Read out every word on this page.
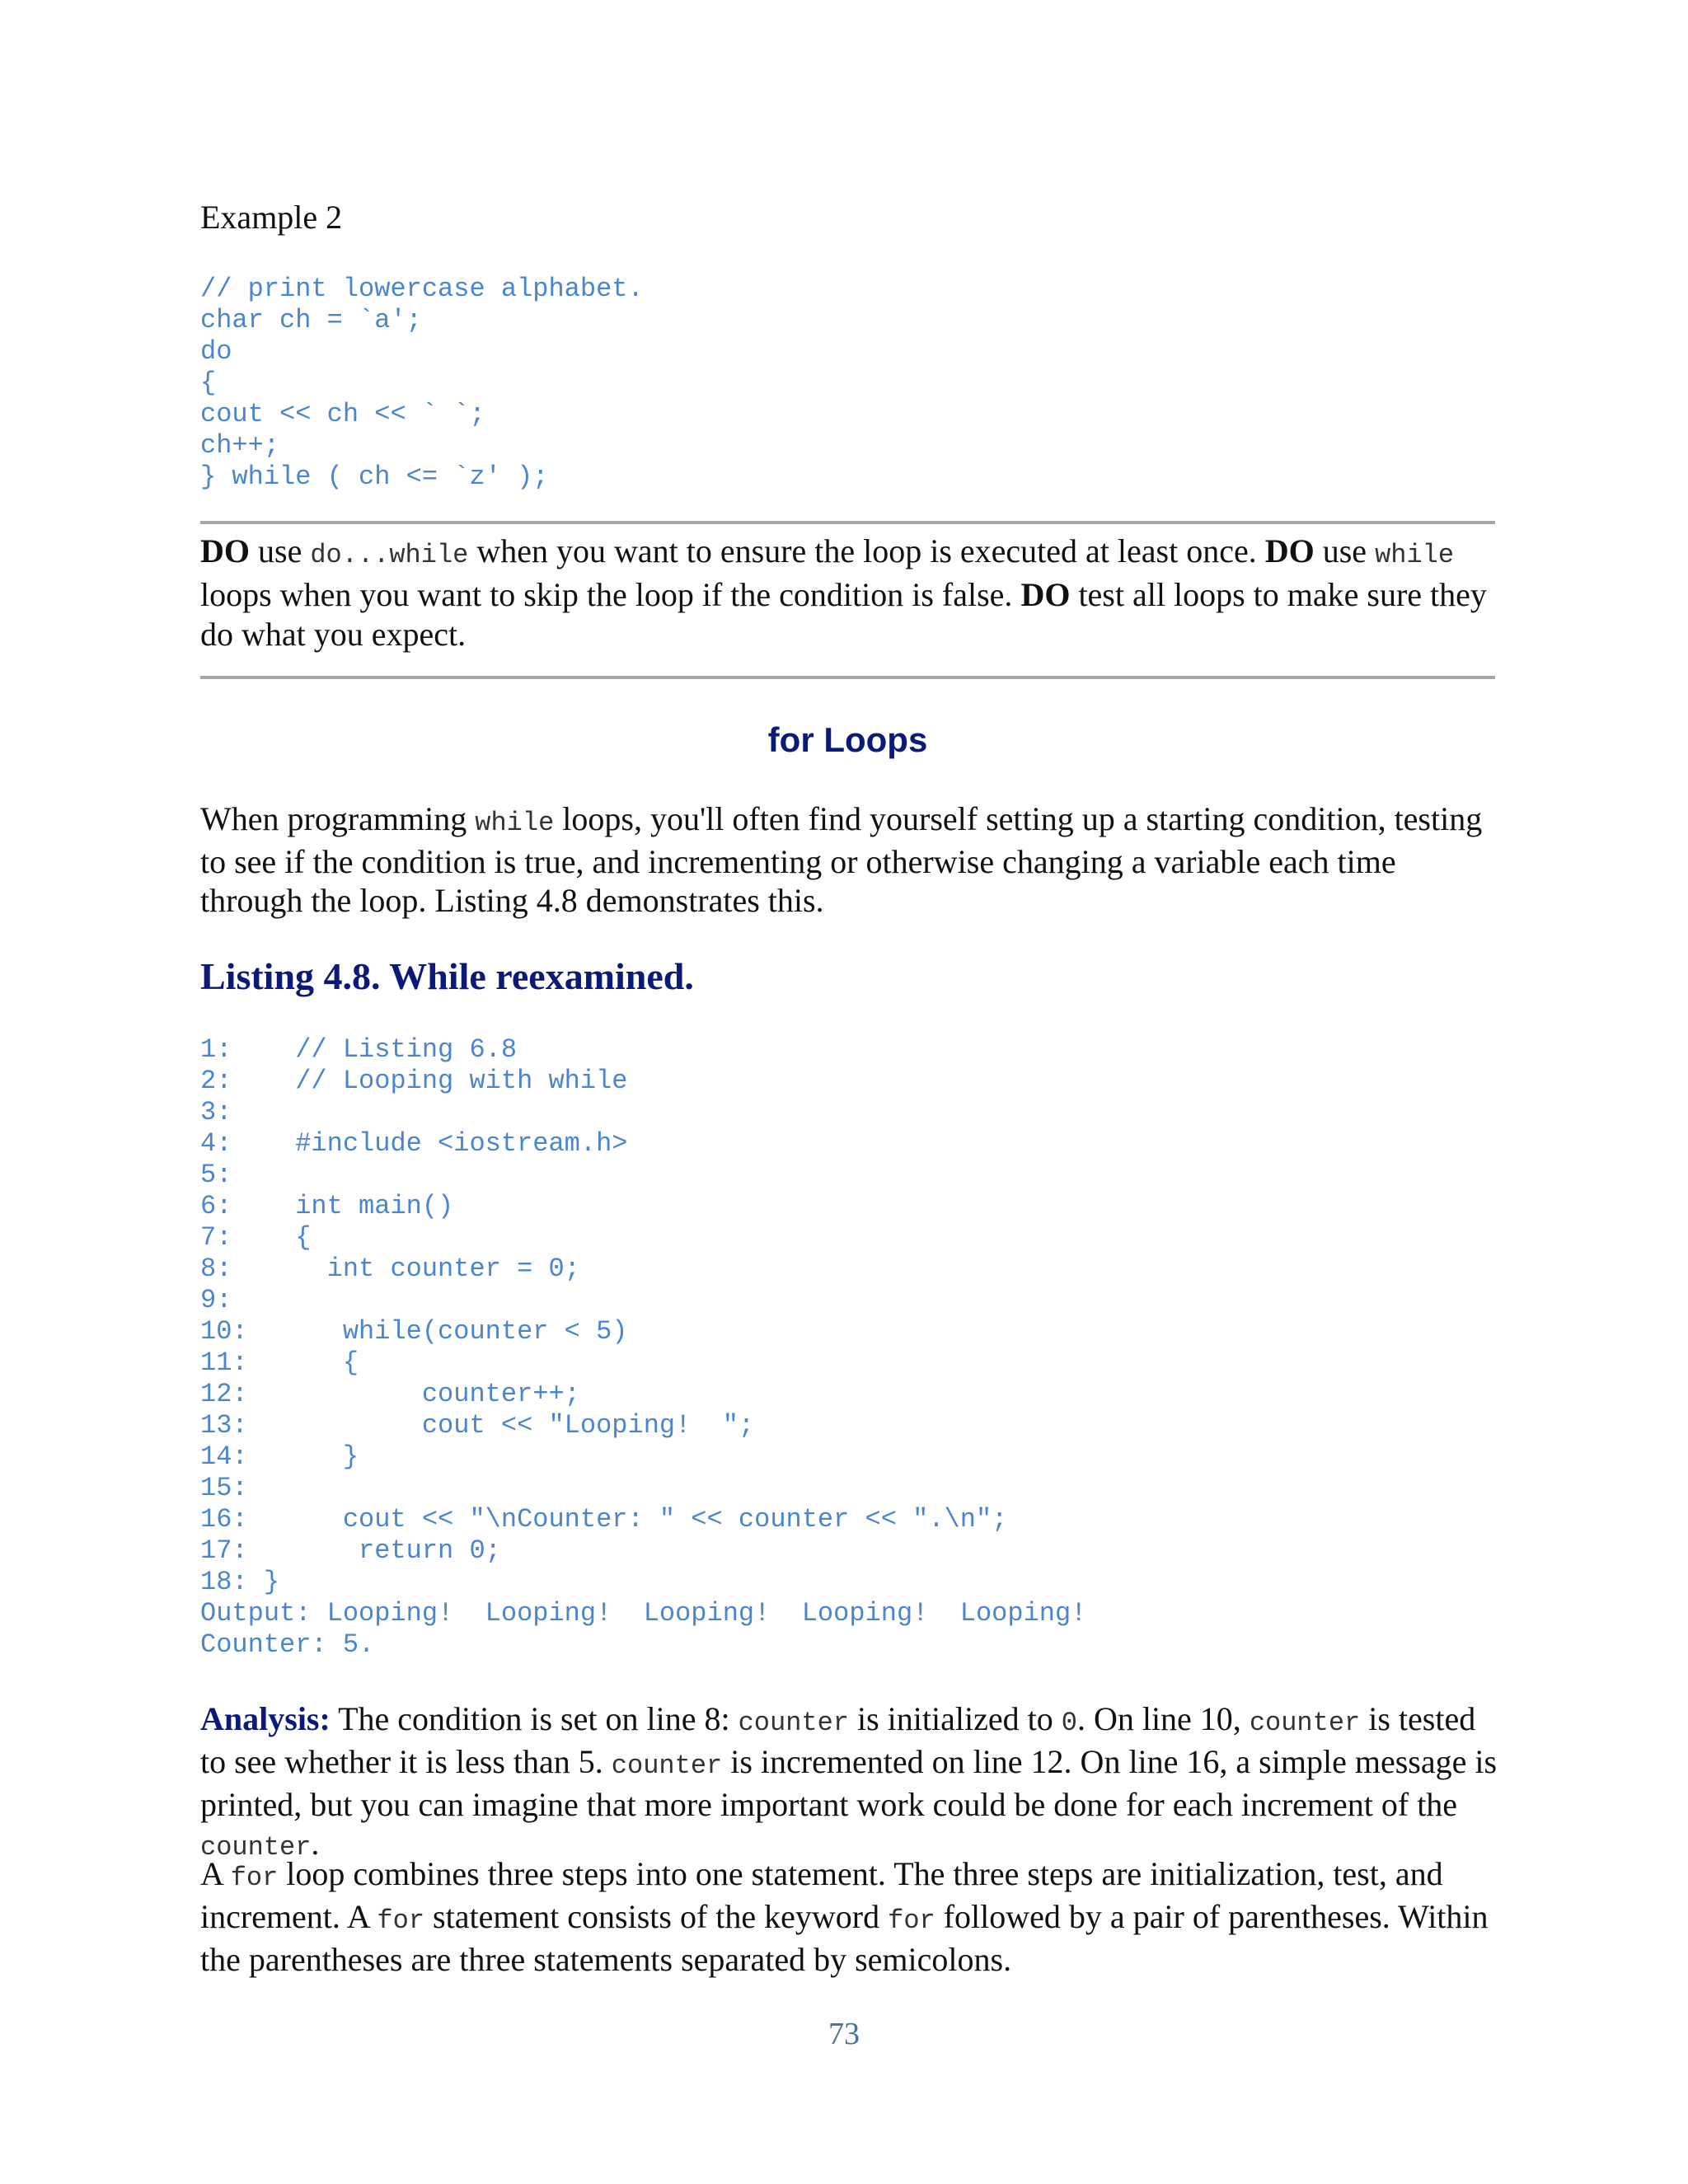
Example 2
// print lowercase alphabet.
char ch = `a';
do
{
cout << ch << ` `;
ch++;
} while ( ch <= `z' );
DO use do...while when you want to ensure the loop is executed at least once. DO use while loops when you want to skip the loop if the condition is false. DO test all loops to make sure they do what you expect.
for Loops
When programming while loops, you'll often find yourself setting up a starting condition, testing to see if the condition is true, and incrementing or otherwise changing a variable each time through the loop. Listing 4.8 demonstrates this.
Listing 4.8. While reexamined.
1:    // Listing 6.8
2:    // Looping with while
3:
4:    #include <iostream.h>
5:
6:    int main()
7:    {
8:      int counter = 0;
9:
10:      while(counter < 5)
11:      {
12:           counter++;
13:           cout << "Looping!  ";
14:      }
15:
16:      cout << "\nCounter: " << counter << ".\n";
17:       return 0;
18: }
Output: Looping!  Looping!  Looping!  Looping!  Looping!
Counter: 5.
Analysis: The condition is set on line 8: counter is initialized to 0. On line 10, counter is tested to see whether it is less than 5. counter is incremented on line 12. On line 16, a simple message is printed, but you can imagine that more important work could be done for each increment of the counter.
A for loop combines three steps into one statement. The three steps are initialization, test, and increment. A for statement consists of the keyword for followed by a pair of parentheses. Within the parentheses are three statements separated by semicolons.
73
